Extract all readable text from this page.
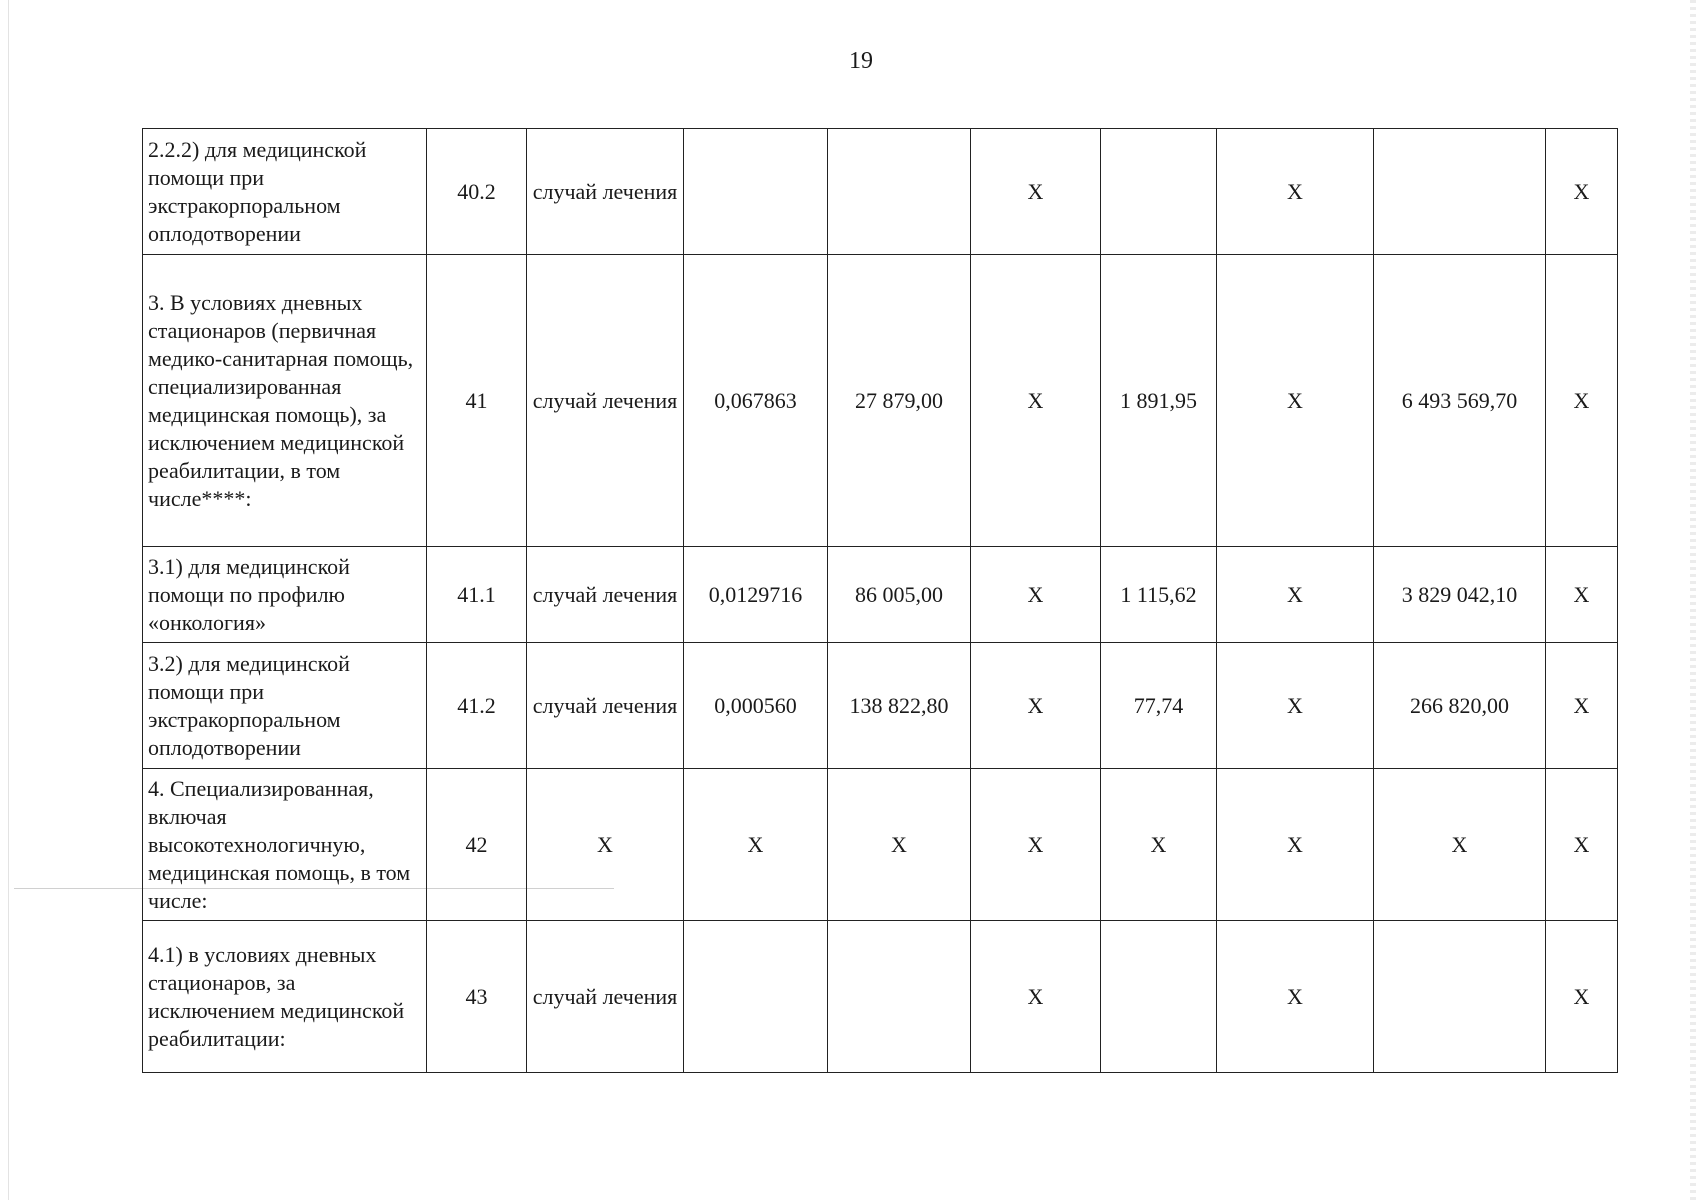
19
2.2.2) для медицинской помощи при экстракорпоральном оплодотворении	40.2	случай лечения			X		X		X
3. В условиях дневных стационаров (первичная медико-санитарная помощь, специализированная медицинская помощь), за исключением медицинской реабилитации, в том числе****:	41	случай лечения	0,067863	27 879,00	X	1 891,95	X	6 493 569,70	X
3.1) для медицинской помощи по профилю «онкология»	41.1	случай лечения	0,0129716	86 005,00	X	1 115,62	X	3 829 042,10	X
3.2) для медицинской помощи при экстракорпоральном оплодотворении	41.2	случай лечения	0,000560	138 822,80	X	77,74	X	266 820,00	X
4. Специализированная, включая высокотехнологичную, медицинская помощь, в том числе:	42	X	X	X	X	X	X	X	X
4.1) в условиях дневных стационаров, за исключением медицинской реабилитации:	43	случай лечения			X		X		X
